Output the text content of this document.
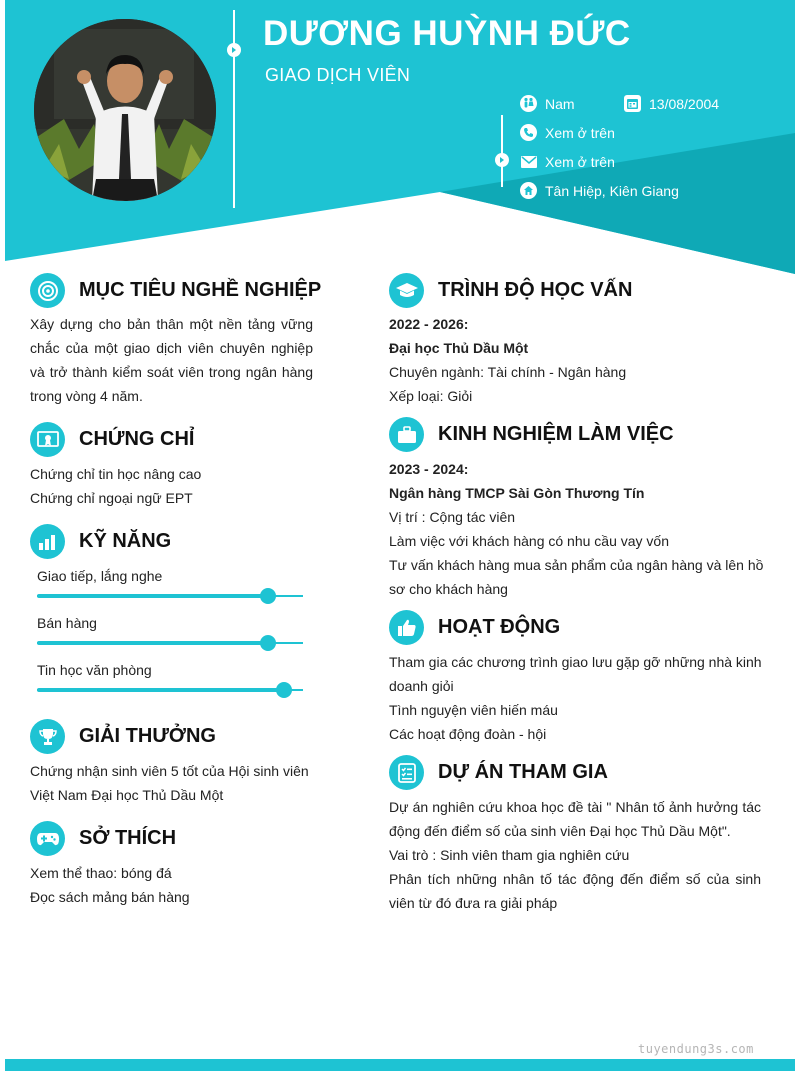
DƯƠNG HUỲNH ĐỨC
GIAO DỊCH VIÊN
Nam	13/08/2004
Xem ở trên
Xem ở trên
Tân Hiệp, Kiên Giang
MỤC TIÊU NGHỀ NGHIỆP
Xây dựng cho bản thân một nền tảng vững chắc của một giao dịch viên chuyên nghiệp và trở thành kiểm soát viên trong ngân hàng trong vòng 4 năm.
CHỨNG CHỈ
Chứng chỉ tin học nâng cao
Chứng chỉ ngoại ngữ EPT
KỸ NĂNG
Giao tiếp, lắng nghe
Bán hàng
Tin học văn phòng
GIẢI THƯỞNG
Chứng nhận sinh viên 5 tốt của Hội sinh viên
Việt Nam Đại học Thủ Dầu Một
SỞ THÍCH
Xem thể thao: bóng đá
Đọc sách mảng bán hàng
TRÌNH ĐỘ HỌC VẤN
2022 - 2026:
Đại học Thủ Dầu Một
Chuyên ngành: Tài chính - Ngân hàng
Xếp loại: Giỏi
KINH NGHIỆM LÀM VIỆC
2023 - 2024:
Ngân hàng TMCP Sài Gòn Thương Tín
Vị trí : Cộng tác viên
Làm việc với khách hàng có nhu cầu vay vốn
Tư vấn khách hàng mua sản phẩm của ngân hàng và lên hồ
sơ cho khách hàng
HOẠT ĐỘNG
Tham gia các chương trình giao lưu gặp gỡ những nhà kinh
doanh giỏi
Tình nguyện viên hiến máu
Các hoạt động đoàn - hội
DỰ ÁN THAM GIA
Dự án nghiên cứu khoa học đề tài " Nhân tố ảnh hưởng tác động đến điểm số của sinh viên Đại học Thủ Dầu Một".
Vai trò : Sinh viên tham gia nghiên cứu
Phân tích những nhân tố tác động đến điểm số của sinh viên từ đó đưa ra giải pháp
tuyendung3s.com
